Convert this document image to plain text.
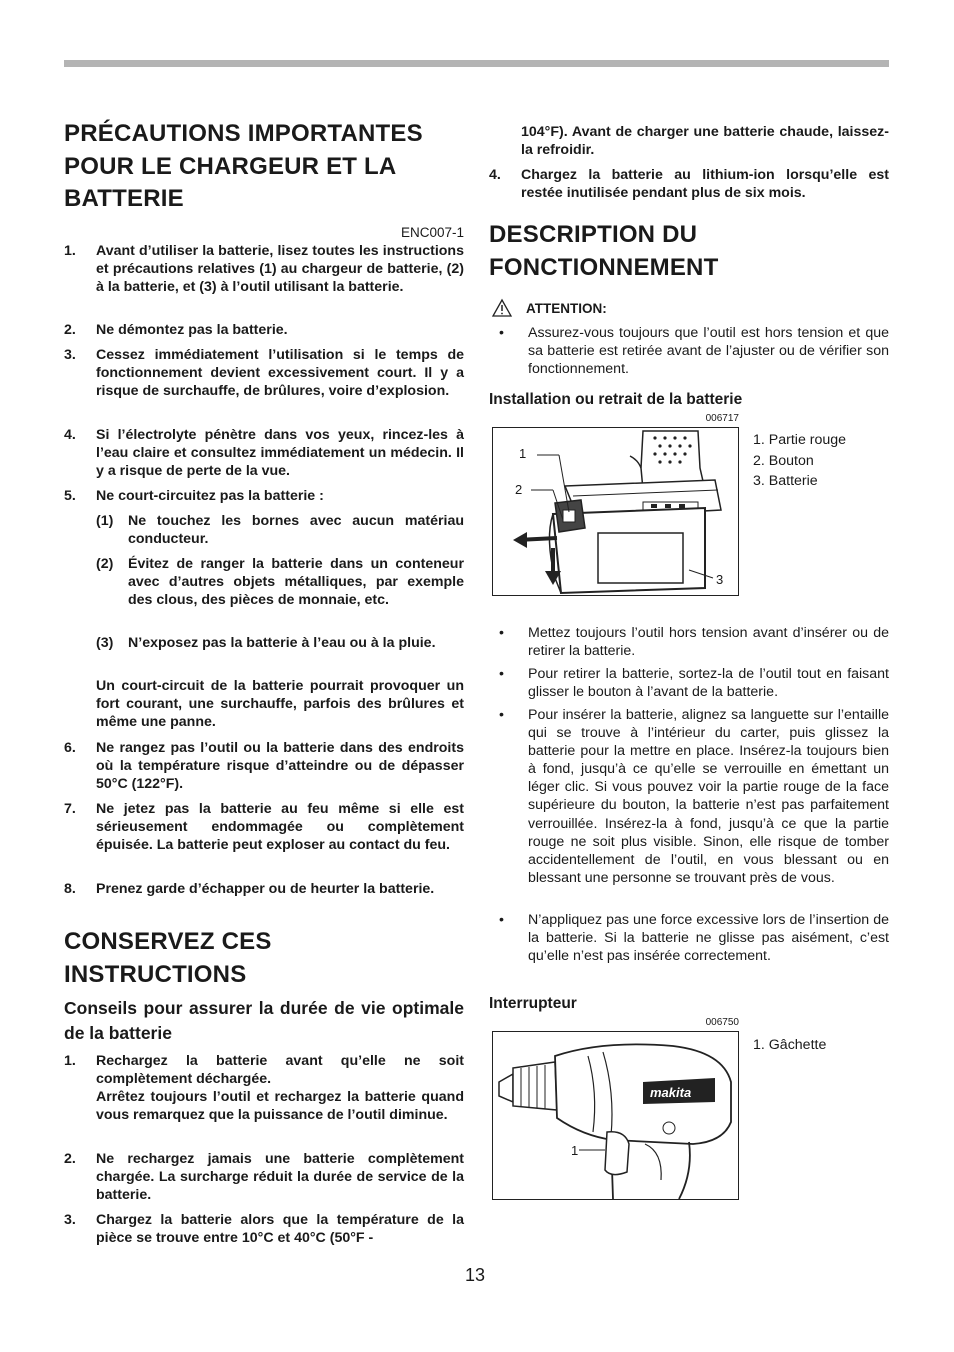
PRÉCAUTIONS IMPORTANTES
POUR LE CHARGEUR ET LA
BATTERIE
ENC007-1
1. Avant d’utiliser la batterie, lisez toutes les instructions et précautions relatives (1) au chargeur de batterie, (2) à la batterie, et (3) à l’outil utilisant la batterie.
2. Ne démontez pas la batterie.
3. Cessez immédiatement l’utilisation si le temps de fonctionnement devient excessivement court. Il y a risque de surchauffe, de brûlures, voire d’explosion.
4. Si l’électrolyte pénètre dans vos yeux, rincez-les à l’eau claire et consultez immédiatement un médecin. Il y a risque de perte de la vue.
5. Ne court-circuitez pas la batterie :
(1) Ne touchez les bornes avec aucun matériau conducteur.
(2) Évitez de ranger la batterie dans un conteneur avec d’autres objets métalliques, par exemple des clous, des pièces de monnaie, etc.
(3) N’exposez pas la batterie à l’eau ou à la pluie.
Un court-circuit de la batterie pourrait provoquer un fort courant, une surchauffe, parfois des brûlures et même une panne.
6. Ne rangez pas l’outil ou la batterie dans des endroits où la température risque d’atteindre ou de dépasser 50°C (122°F).
7. Ne jetez pas la batterie au feu même si elle est sérieusement endommagée ou complètement épuisée. La batterie peut exploser au contact du feu.
8. Prenez garde d’échapper ou de heurter la batterie.
CONSERVEZ CES
INSTRUCTIONS
Conseils pour assurer la durée de vie optimale de la batterie
1. Rechargez la batterie avant qu’elle ne soit complètement déchargée.
Arrêtez toujours l’outil et rechargez la batterie quand vous remarquez que la puissance de l’outil diminue.
2. Ne rechargez jamais une batterie complètement chargée. La surcharge réduit la durée de service de la batterie.
3. Chargez la batterie alors que la température de la pièce se trouve entre 10°C et 40°C (50°F -
104°F). Avant de charger une batterie chaude, laissez-la refroidir.
4. Chargez la batterie au lithium-ion lorsqu’elle est restée inutilisée pendant plus de six mois.
DESCRIPTION DU
FONCTIONNEMENT
ATTENTION:
• Assurez-vous toujours que l’outil est hors tension et que sa batterie est retirée avant de l’ajuster ou de vérifier son fonctionnement.
Installation ou retrait de la batterie
006717
1
2
3
1. Partie rouge
2. Bouton
3. Batterie
• Mettez toujours l’outil hors tension avant d’insérer ou de retirer la batterie.
• Pour retirer la batterie, sortez-la de l’outil tout en faisant glisser le bouton à l’avant de la batterie.
• Pour insérer la batterie, alignez sa languette sur l’entaille qui se trouve à l’intérieur du carter, puis glissez la batterie pour la mettre en place. Insérez-la toujours bien à fond, jusqu’à ce qu’elle se verrouille en émettant un léger clic. Si vous pouvez voir la partie rouge de la face supérieure du bouton, la batterie n’est pas parfaitement verrouillée. Insérez-la à fond, jusqu’à ce que la partie rouge ne soit plus visible. Sinon, elle risque de tomber accidentellement de l’outil, en vous blessant ou en blessant une personne se trouvant près de vous.
• N’appliquez pas une force excessive lors de l’insertion de la batterie. Si la batterie ne glisse pas aisément, c’est qu’elle n’est pas insérée correctement.
Interrupteur
006750
makita
1
1. Gâchette
13
